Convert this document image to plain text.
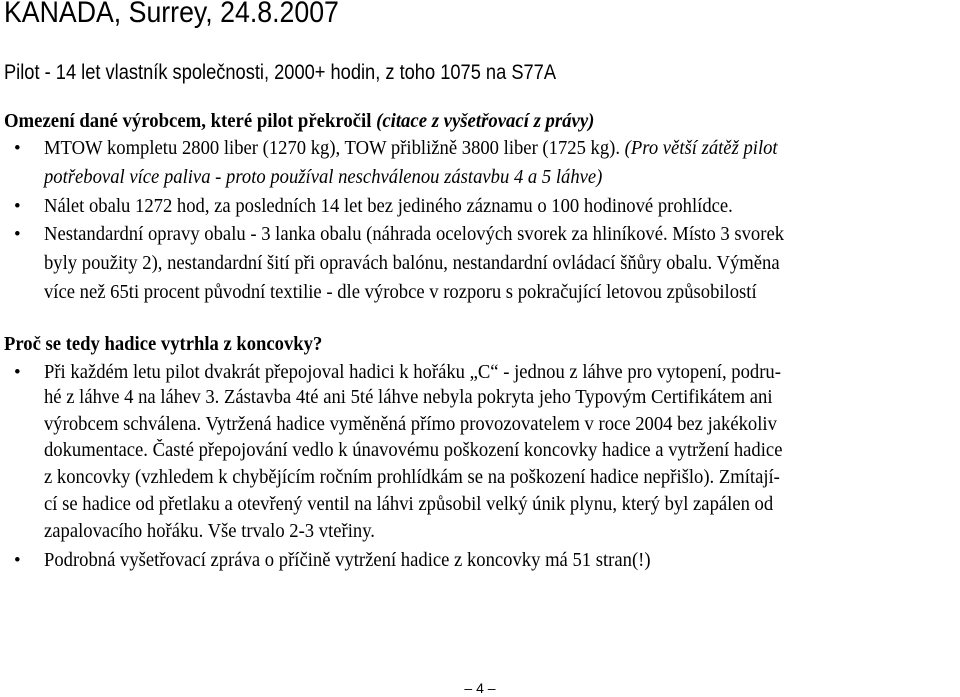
KANADA, Surrey, 24.8.2007
Pilot - 14 let vlastník společnosti, 2000+ hodin, z toho 1075 na S77A
Omezení dané výrobcem, které pilot překročil (citace z vyšetřovací z právy)
• MTOW kompletu 2800 liber (1270 kg), TOW přibližně 3800 liber (1725 kg). (Pro větší zátěž pilot
potřeboval více paliva - proto používal neschválenou zástavbu 4 a 5 láhve)
• Nálet obalu 1272 hod, za posledních 14 let bez jediného záznamu o 100 hodinové prohlídce.
• Nestandardní opravy obalu - 3 lanka obalu (náhrada ocelových svorek za hliníkové. Místo 3 svorek
byly použity 2), nestandardní šití při opravách balónu, nestandardní ovládací šňůry obalu. Výměna
více než 65ti procent původní textilie - dle výrobce v rozporu s pokračující letovou způsobilostí
Proč se tedy hadice vytrhla z koncovky?
• Při každém letu pilot dvakrát přepojoval hadici k hořáku „C“ - jednou z láhve pro vytopení, podru-
hé z láhve 4 na láhev 3. Zástavba 4té ani 5té láhve nebyla pokryta jeho Typovým Certifikátem ani
výrobcem schválena. Vytržená hadice vyměněná přímo provozovatelem v roce 2004 bez jakékoliv
dokumentace. Časté přepojování vedlo k únavovému poškození koncovky hadice a vytržení hadice
z koncovky (vzhledem k chybějícím ročním prohlídkám se na poškození hadice nepřišlo). Zmítají-
cí se hadice od přetlaku a otevřený ventil na láhvi způsobil velký únik plynu, který byl zapálen od
zapalovacího hořáku. Vše trvalo 2-3 vteřiny.
• Podrobná vyšetřovací zpráva o příčině vytržení hadice z koncovky má 51 stran(!)
– 4 –
